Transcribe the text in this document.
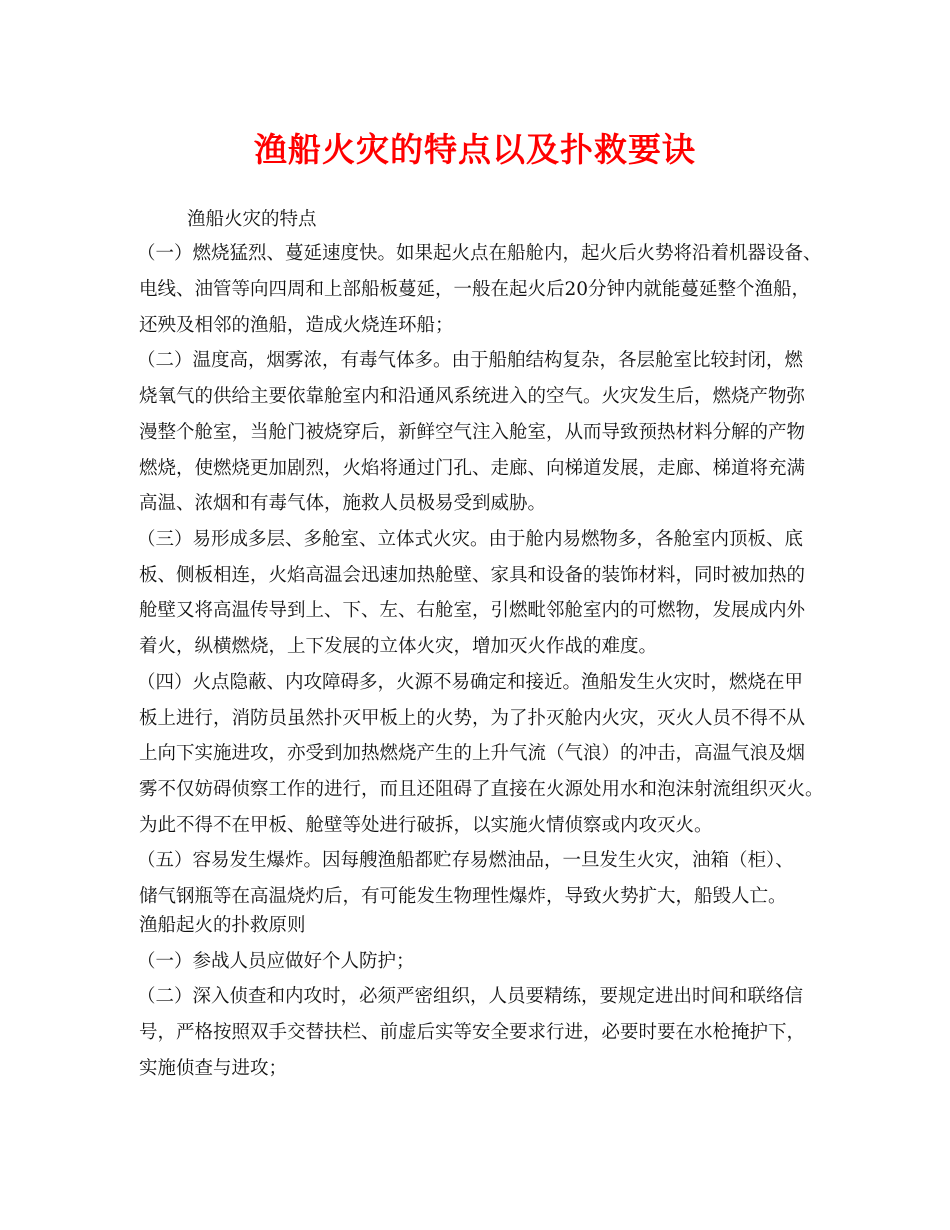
渔船火灾的特点以及扑救要诀
渔船火灾的特点
（一）燃烧猛烈、蔓延速度快。如果起火点在船舱内，起火后火势将沿着机器设备、
电线、油管等向四周和上部船板蔓延，一般在起火后20分钟内就能蔓延整个渔船，
还殃及相邻的渔船，造成火烧连环船；
（二）温度高，烟雾浓，有毒气体多。由于船舶结构复杂，各层舱室比较封闭，燃
烧氧气的供给主要依靠舱室内和沿通风系统进入的空气。火灾发生后，燃烧产物弥
漫整个舱室，当舱门被烧穿后，新鲜空气注入舱室，从而导致预热材料分解的产物
燃烧，使燃烧更加剧烈，火焰将通过门孔、走廊、向梯道发展，走廊、梯道将充满
高温、浓烟和有毒气体，施救人员极易受到威胁。
（三）易形成多层、多舱室、立体式火灾。由于舱内易燃物多，各舱室内顶板、底
板、侧板相连，火焰高温会迅速加热舱壁、家具和设备的装饰材料，同时被加热的
舱壁又将高温传导到上、下、左、右舱室，引燃毗邻舱室内的可燃物，发展成内外
着火，纵横燃烧，上下发展的立体火灾，增加灭火作战的难度。
（四）火点隐蔽、内攻障碍多，火源不易确定和接近。渔船发生火灾时，燃烧在甲
板上进行，消防员虽然扑灭甲板上的火势，为了扑灭舱内火灾，灭火人员不得不从
上向下实施进攻，亦受到加热燃烧产生的上升气流（气浪）的冲击，高温气浪及烟
雾不仅妨碍侦察工作的进行，而且还阻碍了直接在火源处用水和泡沫射流组织灭火。
为此不得不在甲板、舱壁等处进行破拆，以实施火情侦察或内攻灭火。
（五）容易发生爆炸。因每艘渔船都贮存易燃油品，一旦发生火灾，油箱（柜）、
储气钢瓶等在高温烧灼后，有可能发生物理性爆炸，导致火势扩大，船毁人亡。
渔船起火的扑救原则
（一）参战人员应做好个人防护；
（二）深入侦查和内攻时，必须严密组织，人员要精练，要规定进出时间和联络信
号，严格按照双手交替扶栏、前虚后实等安全要求行进，必要时要在水枪掩护下，
实施侦查与进攻；
